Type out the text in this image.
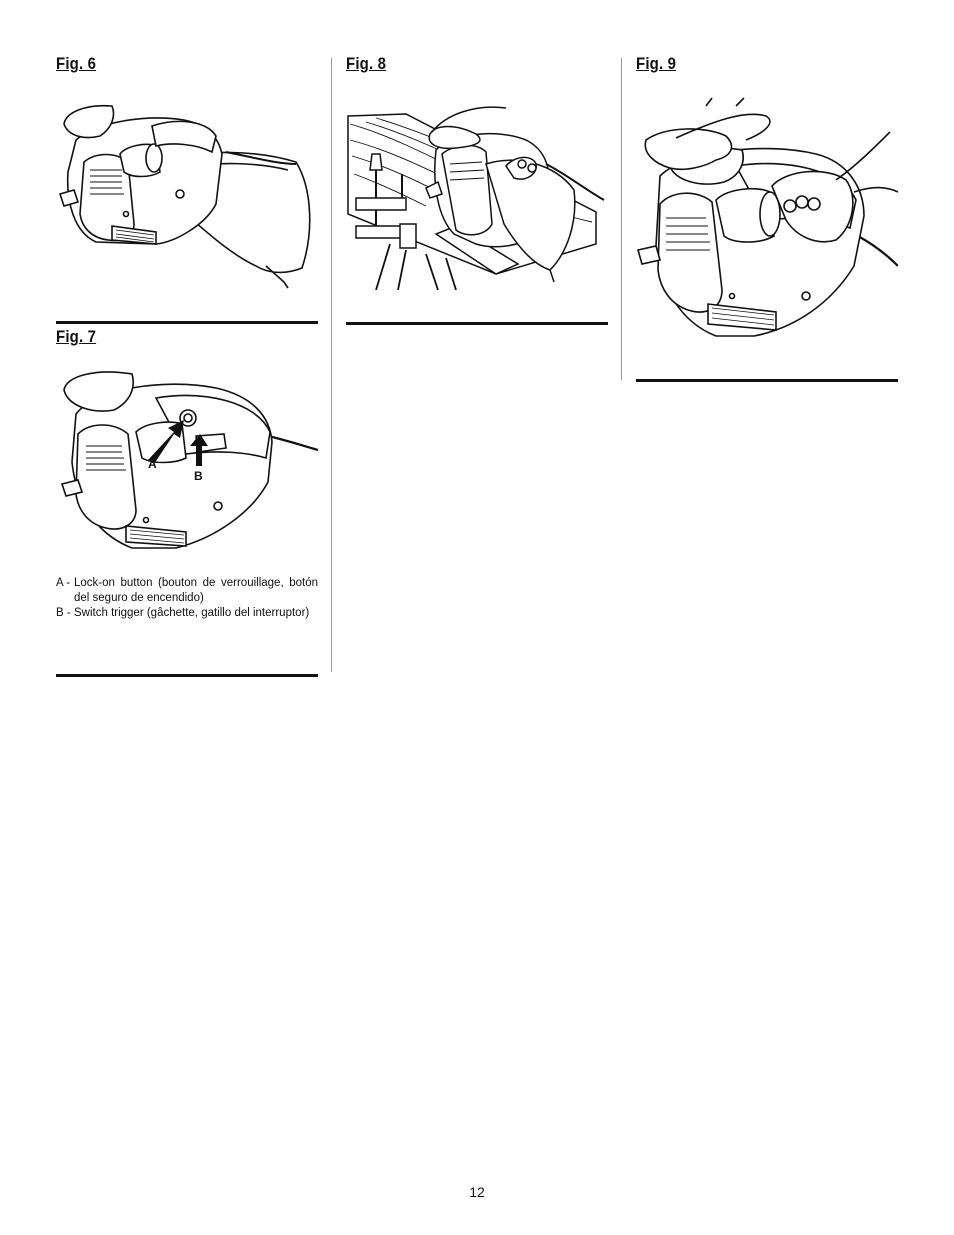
Fig. 6
Fig. 7
A
B
A - Lock-on button (bouton de verrouillage, botón del seguro de encendido)
B - Switch trigger (gâchette, gatillo del interruptor)
Fig. 8	Fig. 9
12
